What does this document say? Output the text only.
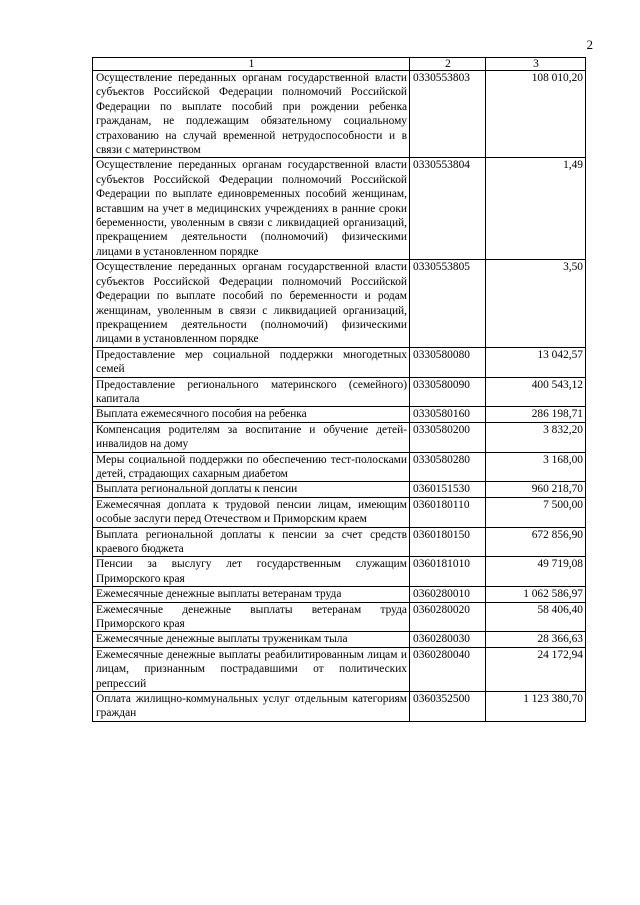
2
1	2	3
Осуществление переданных органам государственной власти субъектов Российской Федерации полномочий Российской Федерации по выплате пособий при рождении ребенка гражданам, не подлежащим обязательному социальному страхованию на случай временной нетрудоспособности и в связи с материнством	0330553803	108 010,20
Осуществление переданных органам государственной власти субъектов Российской Федерации полномочий Российской Федерации по выплате единовременных пособий женщинам, вставшим на учет в медицинских учреждениях в ранние сроки беременности, уволенным в связи с ликвидацией организаций, прекращением деятельности (полномочий) физическими лицами в установленном порядке	0330553804	1,49
Осуществление переданных органам государственной власти субъектов Российской Федерации полномочий Российской Федерации по выплате пособий по беременности и родам женщинам, уволенным в связи с ликвидацией организаций, прекращением деятельности (полномочий) физическими лицами в установленном порядке	0330553805	3,50
Предоставление мер социальной поддержки многодетных семей	0330580080	13 042,57
Предоставление регионального материнского (семейного) капитала	0330580090	400 543,12
Выплата ежемесячного пособия на ребенка	0330580160	286 198,71
Компенсация родителям за воспитание и обучение детей-инвалидов на дому	0330580200	3 832,20
Меры социальной поддержки по обеспечению тест-полосками детей, страдающих сахарным диабетом	0330580280	3 168,00
Выплата региональной доплаты к пенсии	0360151530	960 218,70
Ежемесячная доплата к трудовой пенсии лицам, имеющим особые заслуги перед Отечеством и Приморским краем	0360180110	7 500,00
Выплата региональной доплаты к пенсии за счет средств краевого бюджета	0360180150	672 856,90
Пенсии за выслугу лет государственным служащим Приморского края	0360181010	49 719,08
Ежемесячные денежные выплаты ветеранам труда	0360280010	1 062 586,97
Ежемесячные денежные выплаты ветеранам труда Приморского края	0360280020	58 406,40
Ежемесячные денежные выплаты труженикам тыла	0360280030	28 366,63
Ежемесячные денежные выплаты реабилитированным лицам и лицам, признанным пострадавшими от политических репрессий	0360280040	24 172,94
Оплата жилищно-коммунальных услуг отдельным категориям граждан	0360352500	1 123 380,70
